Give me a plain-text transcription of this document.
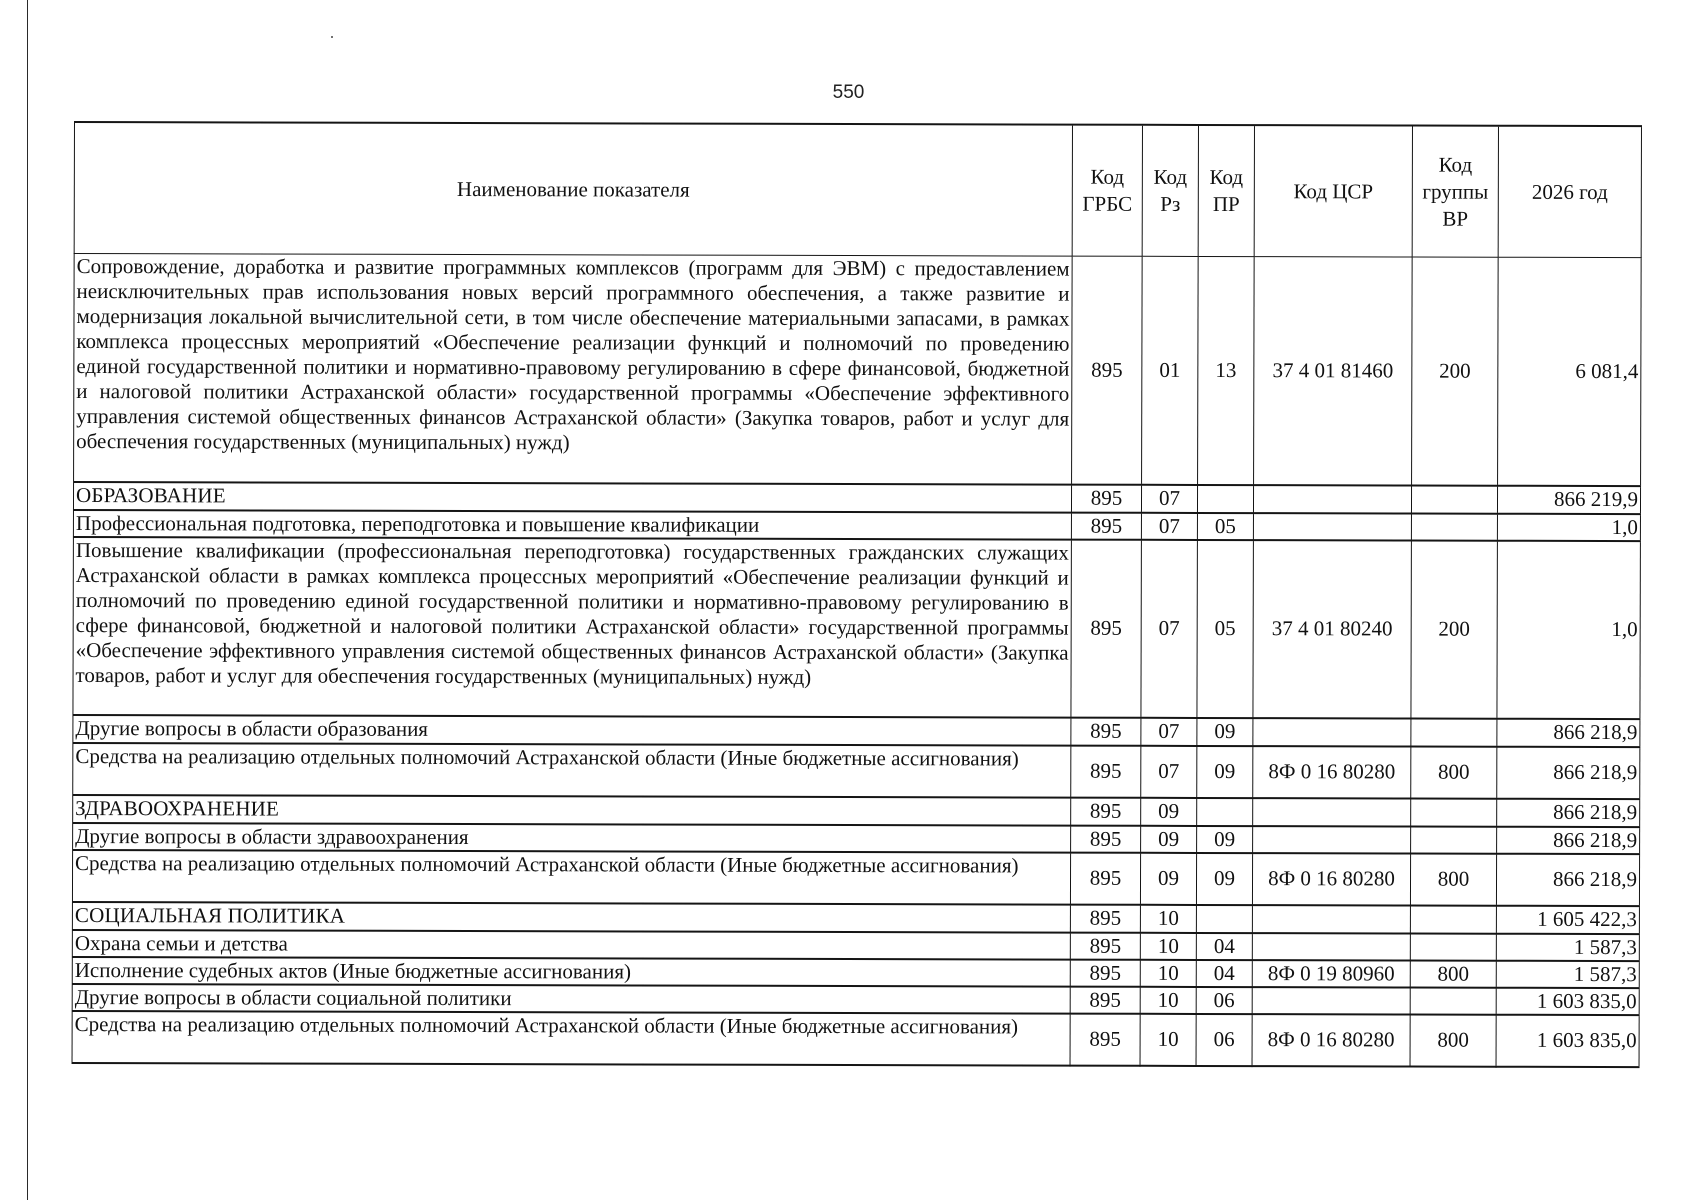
550
Наименование показателя	Код ГРБС	Код Рз	Код ПР	Код ЦСР	Код группы ВР	2026 год
Сопровождение, доработка и развитие программных комплексов (программ для ЭВМ) с предоставлением неисключительных прав использования новых версий программного обеспечения, а также развитие и модернизация локальной вычислительной сети, в том числе обеспечение материальными запасами, в рамках комплекса процессных мероприятий «Обеспечение реализации функций и полномочий по проведению единой государственной политики и нормативно-правовому регулированию в сфере финансовой, бюджетной и налоговой политики Астраханской области» государственной программы «Обеспечение эффективного управления системой общественных финансов Астраханской области» (Закупка товаров, работ и услуг для обеспечения государственных (муниципальных) нужд)	895	01	13	37 4 01 81460	200	6 081,4
ОБРАЗОВАНИЕ	895	07				866 219,9
Профессиональная подготовка, переподготовка и повышение квалификации	895	07	05			1,0
Повышение квалификации (профессиональная переподготовка) государственных гражданских служащих Астраханской области в рамках комплекса процессных мероприятий «Обеспечение реализации функций и полномочий по проведению единой государственной политики и нормативно-правовому регулированию в сфере финансовой, бюджетной и налоговой политики Астраханской области» государственной программы «Обеспечение эффективного управления системой общественных финансов Астраханской области» (Закупка товаров, работ и услуг для обеспечения государственных (муниципальных) нужд)	895	07	05	37 4 01 80240	200	1,0
Другие вопросы в области образования	895	07	09			866 218,9
Средства на реализацию отдельных полномочий Астраханской области (Иные бюджетные ассигнования)	895	07	09	8Ф 0 16 80280	800	866 218,9
ЗДРАВООХРАНЕНИЕ	895	09				866 218,9
Другие вопросы в области здравоохранения	895	09	09			866 218,9
Средства на реализацию отдельных полномочий Астраханской области (Иные бюджетные ассигнования)	895	09	09	8Ф 0 16 80280	800	866 218,9
СОЦИАЛЬНАЯ ПОЛИТИКА	895	10				1 605 422,3
Охрана семьи и детства	895	10	04			1 587,3
Исполнение судебных актов (Иные бюджетные ассигнования)	895	10	04	8Ф 0 19 80960	800	1 587,3
Другие вопросы в области социальной политики	895	10	06			1 603 835,0
Средства на реализацию отдельных полномочий Астраханской области (Иные бюджетные ассигнования)	895	10	06	8Ф 0 16 80280	800	1 603 835,0
